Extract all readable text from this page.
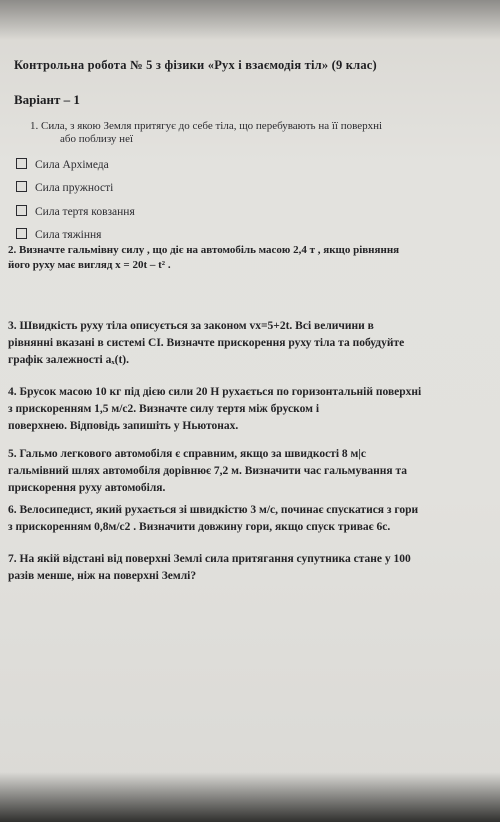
Контрольна робота № 5 з фізики «Рух і взаємодія тіл» (9 клас)
Варіант – 1
1. Сила, з якою Земля притягує до себе тіла, що перебувають на її поверхні
або поблизу неї
Сила Архімеда
Сила пружності
Сила тертя ковзання
Сила тяжіння
2. Визначте гальмівну силу , що діє на автомобіль масою 2,4 т , якщо рівняння
його руху має вигляд x = 20t – t² .
3. Швидкість руху тіла описується за законом vx=5+2t. Всі величини в
рівнянні вказані в системі СІ. Визначте прискорення руху тіла та побудуйте
графік залежності aₓ(t).
4. Брусок масою 10 кг під дією сили 20 Н рухається по горизонтальній поверхні
з прискоренням 1,5 м/с2. Визначте силу тертя між бруском і
поверхнею. Відповідь запишіть у Ньютонах.
5. Гальмо легкового автомобіля є справним, якщо за швидкості 8 м|с
гальмівний шлях автомобіля дорівнює 7,2 м. Визначити час гальмування та
прискорення руху автомобіля.
6. Велосипедист, який рухається зі швидкістю 3 м/с, починає спускатися з гори
з прискоренням 0,8м/с2 . Визначити довжину гори, якщо спуск триває 6с.
7. На якій відстані від поверхні Землі сила притягання супутника стане у 100
разів менше, ніж на поверхні Землі?
